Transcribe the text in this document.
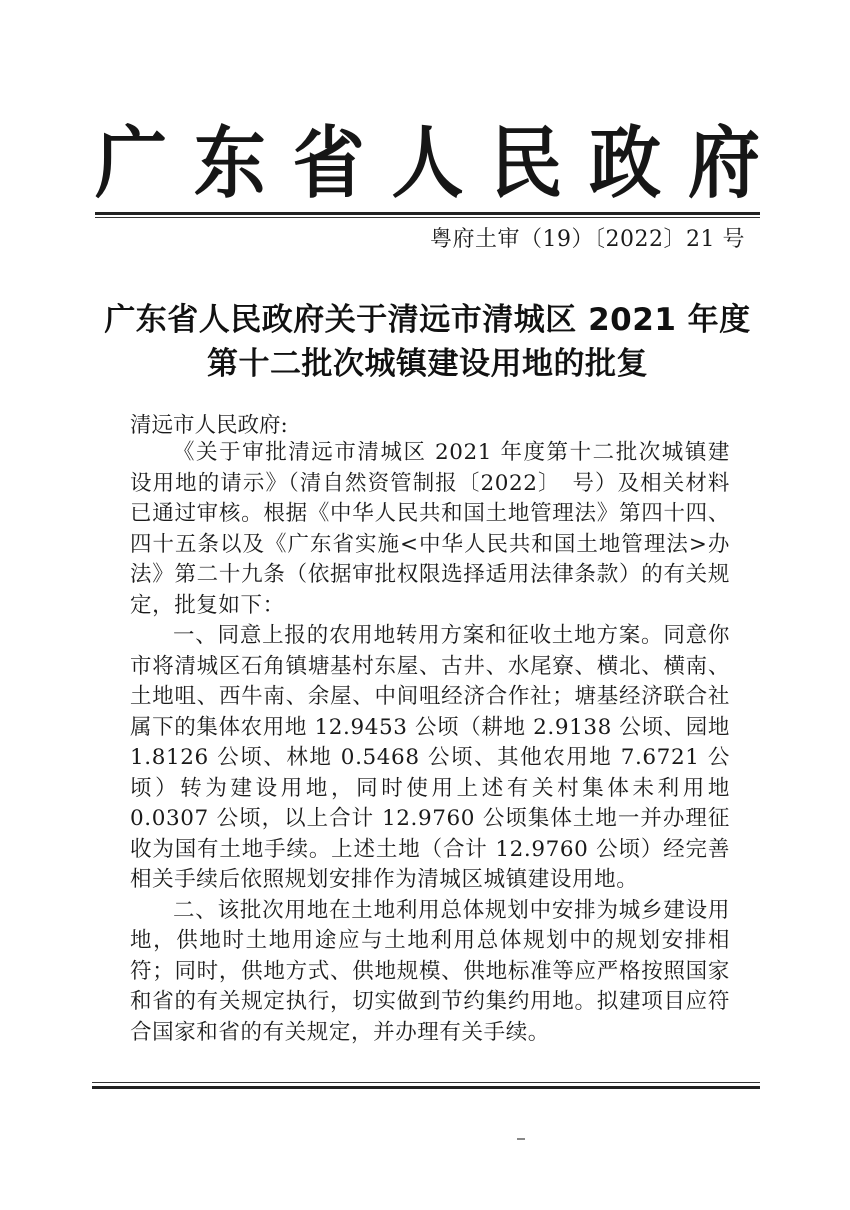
广 东 省 人 民 政 府
粤府土审（19）〔2022〕21 号
广东省人民政府关于清远市清城区 2021 年度
第十二批次城镇建设用地的批复
清远市人民政府:

《关于审批清远市清城区 2021 年度第十二批次城镇建设用地的请示》（清自然资管制报〔2022〕　号）及相关材料已通过审核。根据《中华人民共和国土地管理法》第四十四、四十五条以及《广东省实施<中华人民共和国土地管理法>办法》第二十九条（依据审批权限选择适用法律条款）的有关规定，批复如下：

一、同意上报的农用地转用方案和征收土地方案。同意你市将清城区石角镇塘基村东屋、古井、水尾寮、横北、横南、土地咀、西牛南、余屋、中间咀经济合作社；塘基经济联合社属下的集体农用地 12.9453 公顷（耕地 2.9138 公顷、园地 1.8126 公顷、林地 0.5468 公顷、其他农用地 7.6721 公顷）转为建设用地，同时使用上述有关村集体未利用地 0.0307 公顷，以上合计 12.9760 公顷集体土地一并办理征收为国有土地手续。上述土地（合计 12.9760 公顷）经完善相关手续后依照规划安排作为清城区城镇建设用地。

二、该批次用地在土地利用总体规划中安排为城乡建设用地，供地时土地用途应与土地利用总体规划中的规划安排相符；同时，供地方式、供地规模、供地标准等应严格按照国家和省的有关规定执行，切实做到节约集约用地。拟建项目应符合国家和省的有关规定，并办理有关手续。
